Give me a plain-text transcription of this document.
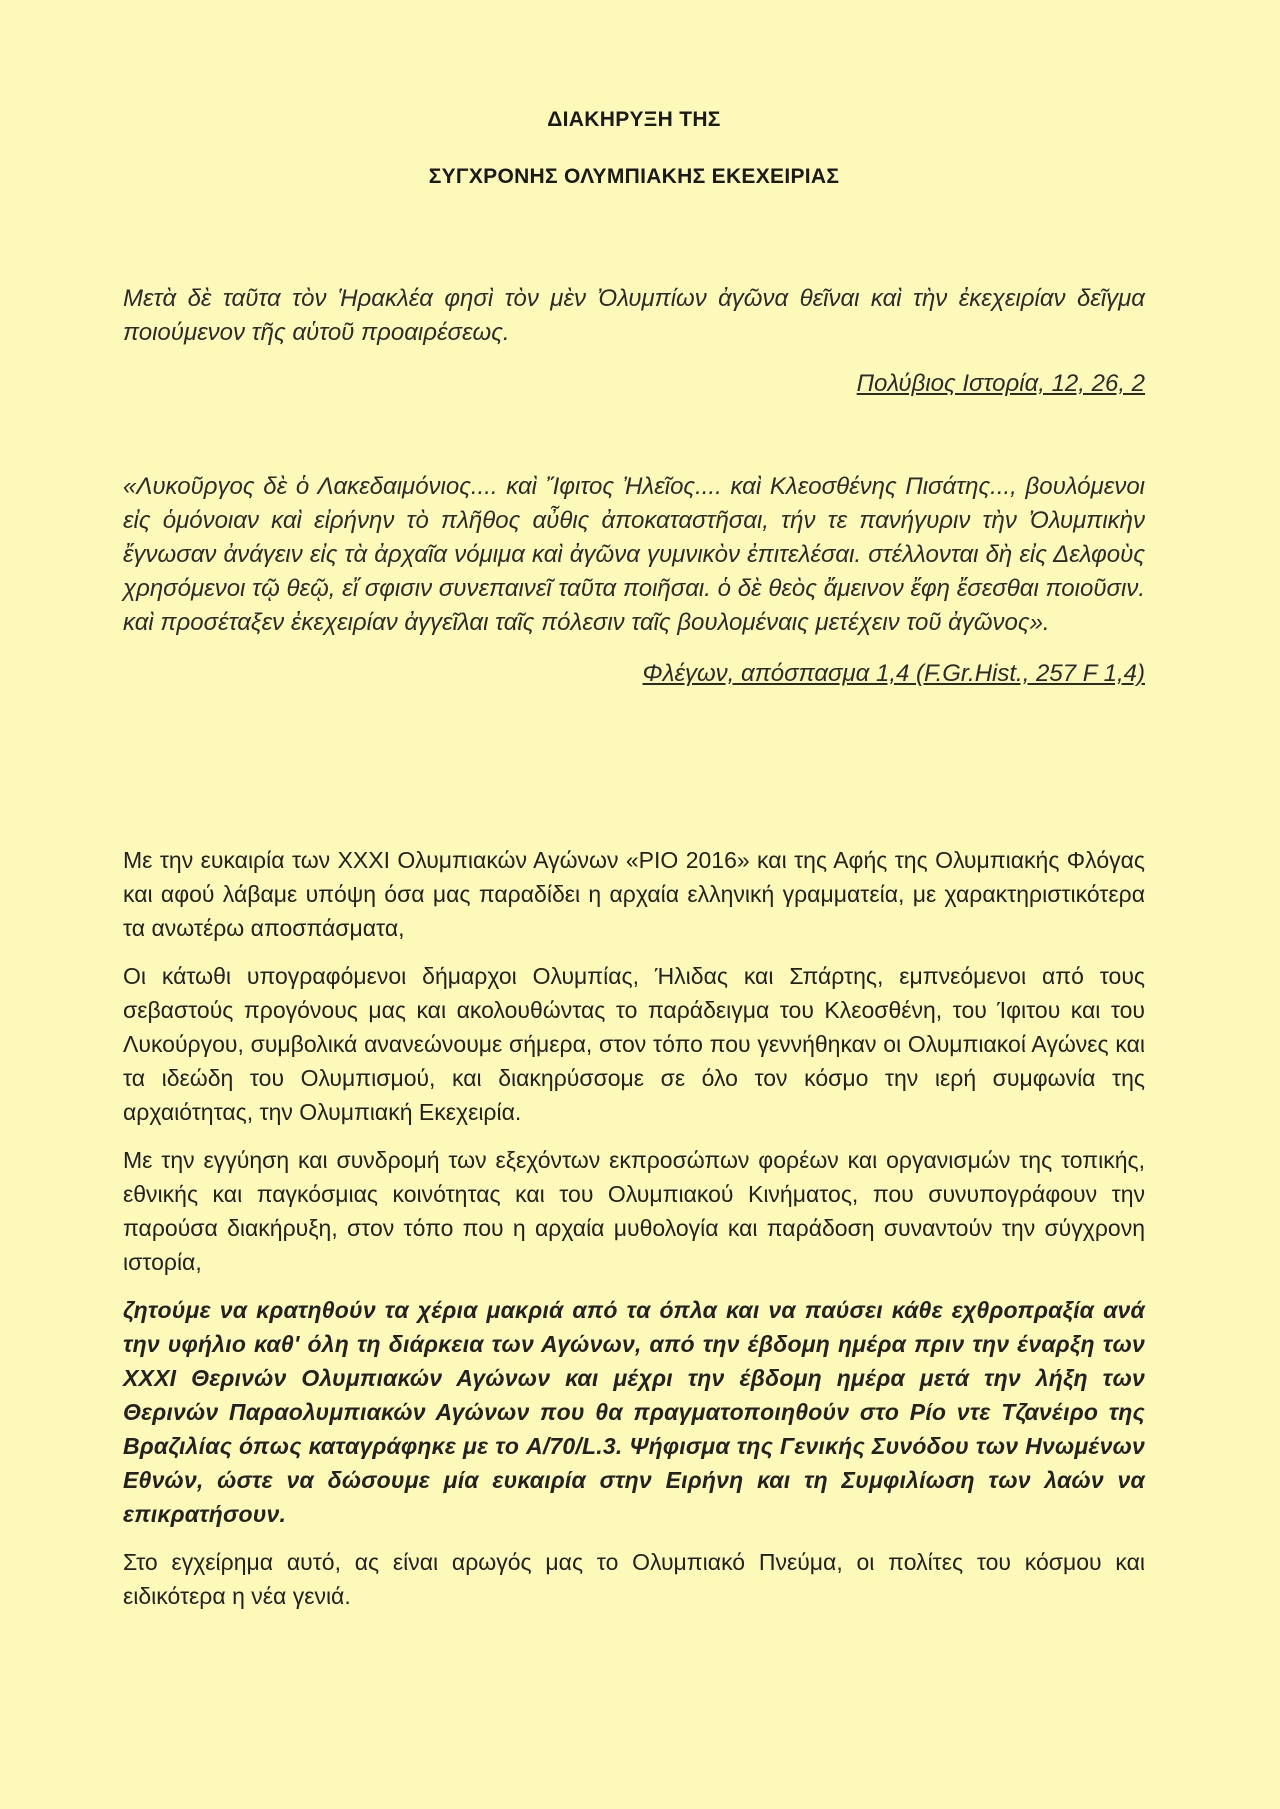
ΔΙΑΚΗΡΥΞΗ ΤΗΣ
ΣΥΓΧΡΟΝΗΣ ΟΛΥΜΠΙΑΚΗΣ ΕΚΕΧΕΙΡΙΑΣ

Μετὰ δὲ ταῦτα τὸν Ἡρακλέα φησὶ τὸν μὲν Ὀλυμπίων ἀγῶνα θεῖναι καὶ τὴν ἐκεχειρίαν δεῖγμα ποιούμενον τῆς αὑτοῦ προαιρέσεως.

Πολύβιος Ιστορία, 12, 26, 2

«Λυκοῦργος δὲ ὁ Λακεδαιμόνιος.... καὶ Ἴφιτος Ἠλεῖος.... καὶ Κλεοσθένης Πισάτης..., βουλόμενοι εἰς ὁμόνοιαν καὶ εἰρήνην τὸ πλῆθος αὖθις ἀποκαταστῆσαι, τήν τε πανήγυριν τὴν Ὀλυμπικὴν ἔγνωσαν ἀνάγειν εἰς τὰ ἀρχαῖα νόμιμα καὶ ἀγῶνα γυμνικὸν ἐπιτελέσαι. στέλλονται δὴ εἰς Δελφοὺς χρησόμενοι τῷ θεῷ, εἴ σφισιν συνεπαινεῖ ταῦτα ποιῆσαι. ὁ δὲ θεὸς ἄμεινον ἔφη ἔσεσθαι ποιοῦσιν. καὶ προσέταξεν ἐκεχειρίαν ἀγγεῖλαι ταῖς πόλεσιν ταῖς βουλομέναις μετέχειν τοῦ ἀγῶνος».

Φλέγων, απόσπασμα 1,4 (F.Gr.Hist., 257 F 1,4)

Με την ευκαιρία των XXXI Ολυμπιακών Αγώνων «PIO 2016» και της Αφής της Ολυμπιακής Φλόγας και αφού λάβαμε υπόψη όσα μας παραδίδει η αρχαία ελληνική γραμματεία, με χαρακτηριστικότερα τα ανωτέρω αποσπάσματα,

Οι κάτωθι υπογραφόμενοι δήμαρχοι Ολυμπίας, Ήλιδας και Σπάρτης, εμπνεόμενοι από τους σεβαστούς προγόνους μας και ακολουθώντας το παράδειγμα του Κλεοσθένη, του Ίφιτου και του Λυκούργου, συμβολικά ανανεώνουμε σήμερα, στον τόπο που γεννήθηκαν οι Ολυμπιακοί Αγώνες και τα ιδεώδη του Ολυμπισμού, και διακηρύσσομε σε όλο τον κόσμο την ιερή συμφωνία της αρχαιότητας, την Ολυμπιακή Εκεχειρία.

Με την εγγύηση και συνδρομή των εξεχόντων εκπροσώπων φορέων και οργανισμών της τοπικής, εθνικής και παγκόσμιας κοινότητας και του Ολυμπιακού Κινήματος, που συνυπογράφουν την παρούσα διακήρυξη, στον τόπο που η αρχαία μυθολογία και παράδοση συναντούν την σύγχρονη ιστορία,

ζητούμε να κρατηθούν τα χέρια μακριά από τα όπλα και να παύσει κάθε εχθροπραξία ανά την υφήλιο καθ' όλη τη διάρκεια των Αγώνων, από την έβδομη ημέρα πριν την έναρξη των XXXI Θερινών Ολυμπιακών Αγώνων και μέχρι την έβδομη ημέρα μετά την λήξη των Θερινών Παραολυμπιακών Αγώνων που θα πραγματοποιηθούν στο Ρίο ντε Τζανέιρο της Βραζιλίας όπως καταγράφηκε με το A/70/L.3. Ψήφισμα της Γενικής Συνόδου των Ηνωμένων Εθνών, ώστε να δώσουμε μία ευκαιρία στην Ειρήνη και τη Συμφιλίωση των λαών να επικρατήσουν.

Στο εγχείρημα αυτό, ας είναι αρωγός μας το Ολυμπιακό Πνεύμα, οι πολίτες του κόσμου και ειδικότερα η νέα γενιά.
